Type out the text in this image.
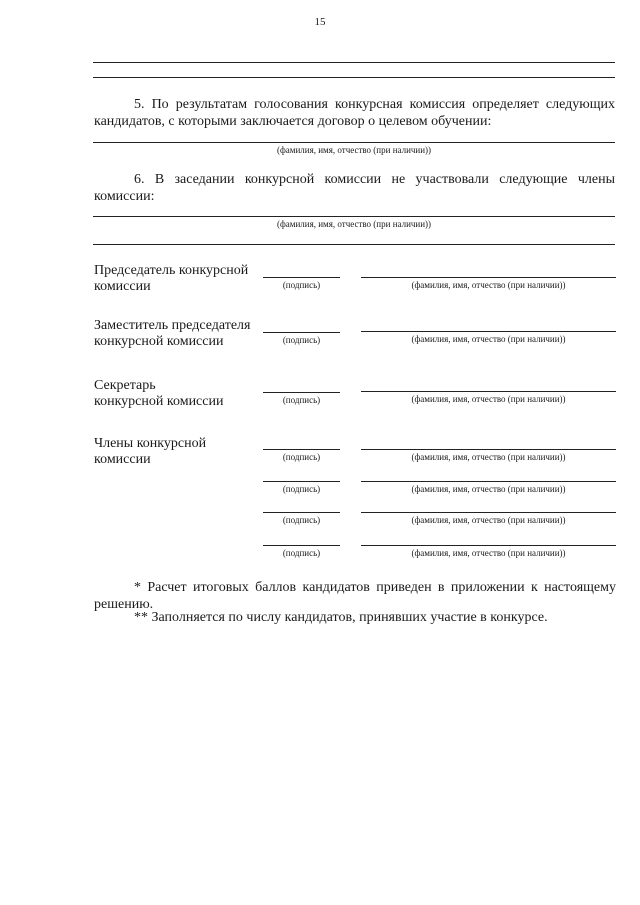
15
5. По результатам голосования конкурсная комиссия определяет следующих кандидатов, с которыми заключается договор о целевом обучении:
(фамилия, имя, отчество (при наличии))
6. В заседании конкурсной комиссии не участвовали следующие члены комиссии:
(фамилия, имя, отчество (при наличии))
Председатель конкурсной
комиссии	(подпись)	(фамилия, имя, отчество (при наличии))
Заместитель председателя
конкурсной комиссии	(подпись)	(фамилия, имя, отчество (при наличии))
Секретарь
конкурсной комиссии	(подпись)	(фамилия, имя, отчество (при наличии))
Члены конкурсной
комиссии	(подпись)	(фамилия, имя, отчество (при наличии))
(подпись)	(фамилия, имя, отчество (при наличии))
(подпись)	(фамилия, имя, отчество (при наличии))
(подпись)	(фамилия, имя, отчество (при наличии))
* Расчет итоговых баллов кандидатов приведен в приложении к настоящему решению.
** Заполняется по числу кандидатов, принявших участие в конкурсе.
